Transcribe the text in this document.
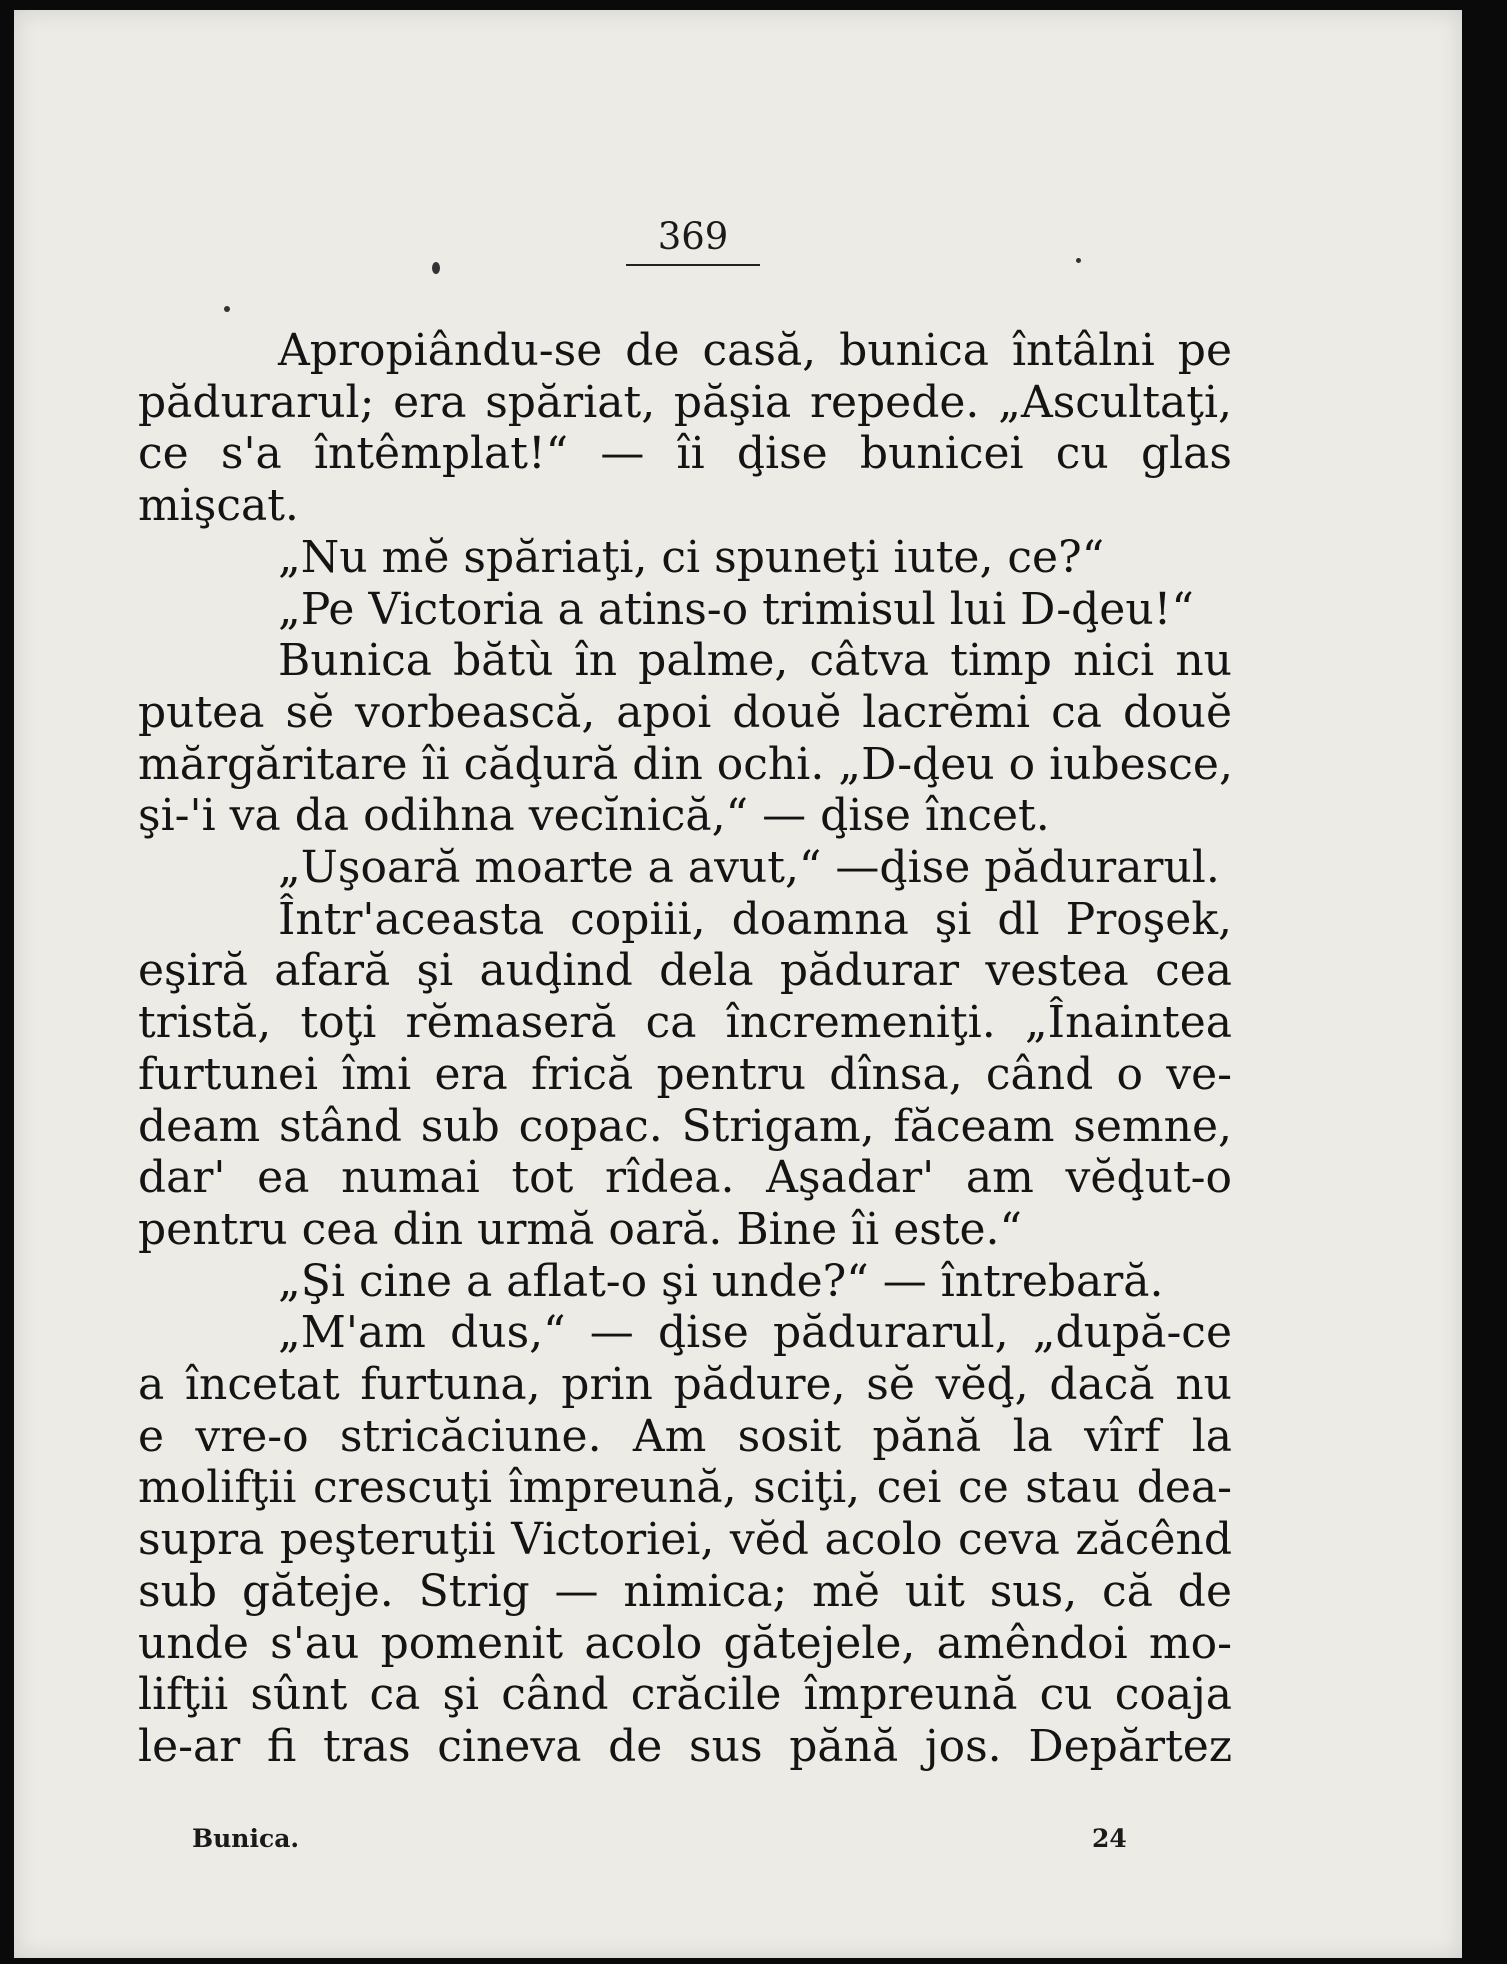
369
Apropiându-se de casă, bunica întâlni pe
pădurarul; era spăriat, păşia repede. „Ascultaţi,
ce s'a întêmplat!“ — îi ḑise bunicei cu glas
mişcat.
„Nu mĕ spăriaţi, ci spuneţi iute, ce?“
„Pe Victoria a atins-o trimisul lui D-ḑeu!“
Bunica bătù în palme, câtva timp nici nu
putea sĕ vorbească, apoi douĕ lacrĕmi ca douĕ
mărgăritare îi căḑură din ochi. „D-ḑeu o iubesce,
şi-'i va da odihna vecĭnică,“ — ḑise încet.
„Uşoară moarte a avut,“ —ḑise pădurarul.
Într'aceasta copiii, doamna şi dl Proşek,
eşiră afară şi auḑind dela pădurar vestea cea
tristă, toţi rĕmaseră ca încremeniţi. „Înaintea
furtunei îmi era frică pentru dînsa, când o ve-
deam stând sub copac. Strigam, făceam semne,
dar' ea numai tot rîdea. Aşadar' am vĕḑut-o
pentru cea din urmă oară. Bine îi este.“
„Şi cine a aflat-o şi unde?“ — întrebară.
„M'am dus,“ — ḑise pădurarul, „după-ce
a încetat furtuna, prin pădure, sĕ vĕḑ, dacă nu
e vre-o stricăciune. Am sosit pănă la vîrf la
molifţii crescuţi împreună, sciţi, cei ce stau dea-
supra peşteruţii Victoriei, vĕd acolo ceva zăcênd
sub găteje. Strig — nimica; mĕ uit sus, că de
unde s'au pomenit acolo gătejele, amêndoi mo-
lifţii sûnt ca şi când crăcile împreună cu coaja
le-ar fi tras cineva de sus pănă jos. Depărtez
Bunica.	24
